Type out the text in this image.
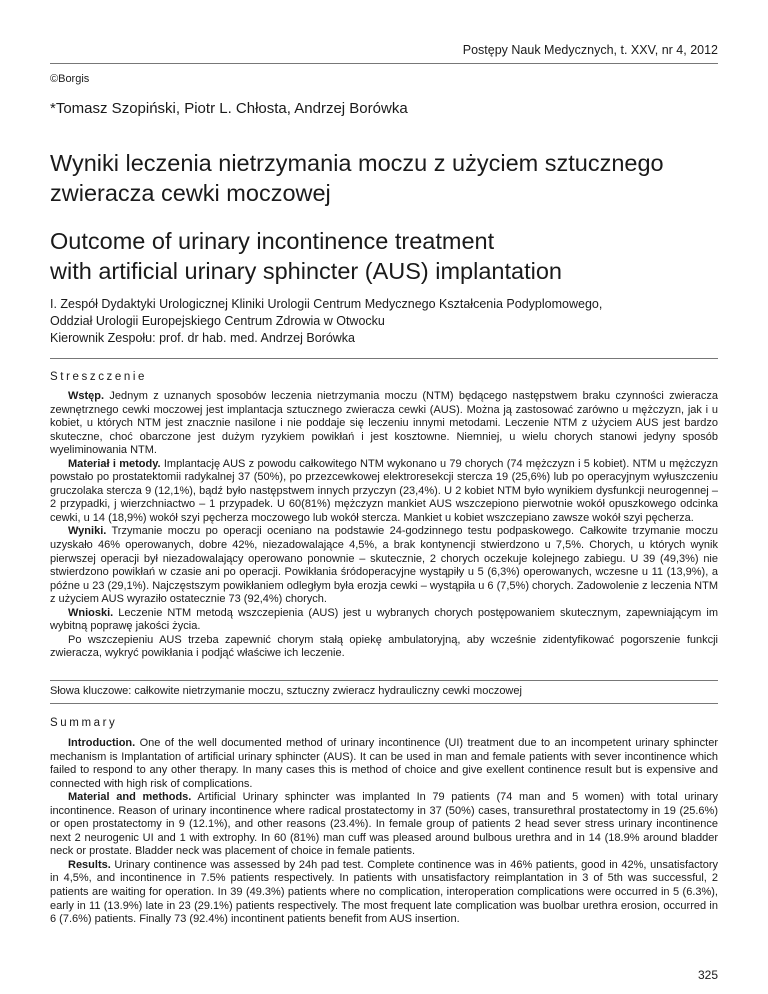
Postępy Nauk Medycznych, t. XXV, nr 4, 2012
©Borgis
*Tomasz Szopiński, Piotr L. Chłosta, Andrzej Borówka
Wyniki leczenia nietrzymania moczu z użyciem sztucznego
zwieracza cewki moczowej
Outcome of urinary incontinence treatment
with artificial urinary sphincter (AUS) implantation
I. Zespół Dydaktyki Urologicznej Kliniki Urologii Centrum Medycznego Kształcenia Podyplomowego,
Oddział Urologii Europejskiego Centrum Zdrowia w Otwocku
Kierownik Zespołu: prof. dr hab. med. Andrzej Borówka
Streszczenie

Wstęp. Jednym z uznanych sposobów leczenia nietrzymania moczu (NTM) będącego następstwem braku czynności zwieracza zewnętrznego cewki moczowej jest implantacja sztucznego zwieracza cewki (AUS). Można ją zastosować zarówno u mężczyzn, jak i u kobiet, u których NTM jest znacznie nasilone i nie poddaje się leczeniu innymi metodami. Leczenie NTM z użyciem AUS jest bardzo skuteczne, choć obarczone jest dużym ryzykiem powikłań i jest kosztowne. Niemniej, u wielu chorych stanowi jedyny sposób wyeliminowania NTM.

Materiał i metody. Implantację AUS z powodu całkowitego NTM wykonano u 79 chorych (74 mężczyzn i 5 kobiet). NTM u mężczyzn powstało po prostatektomii radykalnej 37 (50%), po przezcewkowej elektroresekcji stercza 19 (25,6%) lub po operacyjnym wyłuszczeniu gruczolaka stercza 9 (12,1%), bądź było następstwem innych przyczyn (23,4%). U 2 kobiet NTM było wynikiem dysfunkcji neurogennej – 2 przypadki, j wierzchniactwo – 1 przypadek. U 60(81%) mężczyzn mankiet AUS wszczepiono pierwotnie wokół opuszkowego odcinka cewki, u 14 (18,9%) wokół szyi pęcherza moczowego lub wokół stercza. Mankiet u kobiet wszczepiano zawsze wokół szyi pęcherza.

Wyniki. Trzymanie moczu po operacji oceniano na podstawie 24-godzinnego testu podpaskowego. Całkowite trzymanie moczu uzyskało 46% operowanych, dobre 42%, niezadowalające 4,5%, a brak kontynencji stwierdzono u 7,5%. Chorych, u których wynik pierwszej operacji był niezadowalający operowano ponownie – skutecznie, 2 chorych oczekuje kolejnego zabiegu. U 39 (49,3%) nie stwierdzono powikłań w czasie ani po operacji. Powikłania śródoperacyjne wystąpiły u 5 (6,3%) operowanych, wczesne u 11 (13,9%), a późne u 23 (29,1%). Najczęstszym powikłaniem odległym była erozja cewki – wystąpiła u 6 (7,5%) chorych. Zadowolenie z leczenia NTM z użyciem AUS wyraziło ostatecznie 73 (92,4%) chorych.

Wnioski. Leczenie NTM metodą wszczepienia (AUS) jest u wybranych chorych postępowaniem skutecznym, zapewniającym im wybitną poprawę jakości życia.

Po wszczepieniu AUS trzeba zapewnić chorym stałą opiekę ambulatoryjną, aby wcześnie zidentyfikować pogorszenie funkcji zwieracza, wykryć powikłania i podjąć właściwe ich leczenie.

Słowa kluczowe: całkowite nietrzymanie moczu, sztuczny zwieracz hydrauliczny cewki moczowej
Summary

Introduction. One of the well documented method of urinary incontinence (UI) treatment due to an incompetent urinary sphincter mechanism is Implantation of artificial urinary sphincter (AUS). It can be used in man and female patients with sever incontinence which failed to respond to any other therapy. In many cases this is method of choice and give exellent continence result but is expensive and connected with high risk of complications.

Material and methods. Artificial Urinary sphincter was implanted In 79 patients (74 man and 5 women) with total urinary incontinence. Reason of urinary incontinence where radical prostatectomy in 37 (50%) cases, transurethral prostatectomy in 19 (25.6%) or open prostatectomy in 9 (12.1%), and other reasons (23.4%). In female group of patients 2 head sever stress urinary incontinence next 2 neurogenic UI and 1 with extrophy. In 60 (81%) man cuff was pleased around bulbous urethra and in 14 (18.9% around bladder neck or prostate. Bladder neck was placement of choice in female patients.

Results. Urinary continence was assessed by 24h pad test. Complete continence was in 46% patients, good in 42%, unsatisfactory in 4,5%, and incontinence in 7.5% patients respectively. In patients with unsatisfactory reimplantation in 3 of 5th was successful, 2 patients are waiting for operation. In 39 (49.3%) patients where no complication, interoperation complications were occurred in 5 (6.3%), early in 11 (13.9%) late in 23 (29.1%) patients respectively. The most frequent late complication was buolbar urethra erosion, occurred in 6 (7.6%) patients. Finally 73 (92.4%) incontinent patients benefit from AUS insertion.

325
